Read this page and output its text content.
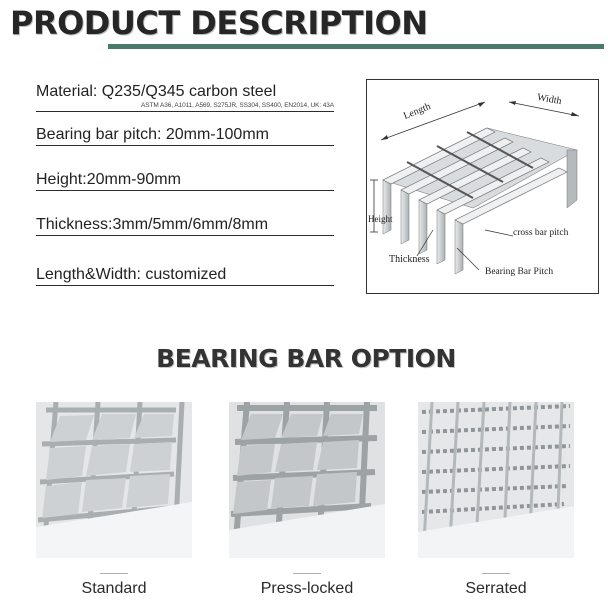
PRODUCT DESCRIPTION
Material: Q235/Q345 carbon steel
ASTM A36, A1011, A569, S275JR, SS304, SS400, EN2014, UK: 43A
Bearing bar pitch: 20mm-100mm
Height:20mm-90mm
Thickness:3mm/5mm/6mm/8mm
Length&Width: customized
Length
Width
Height
Thickness
cross bar pitch
Bearing Bar Pitch
BEARING BAR OPTION
Standard	Press-locked	Serrated
